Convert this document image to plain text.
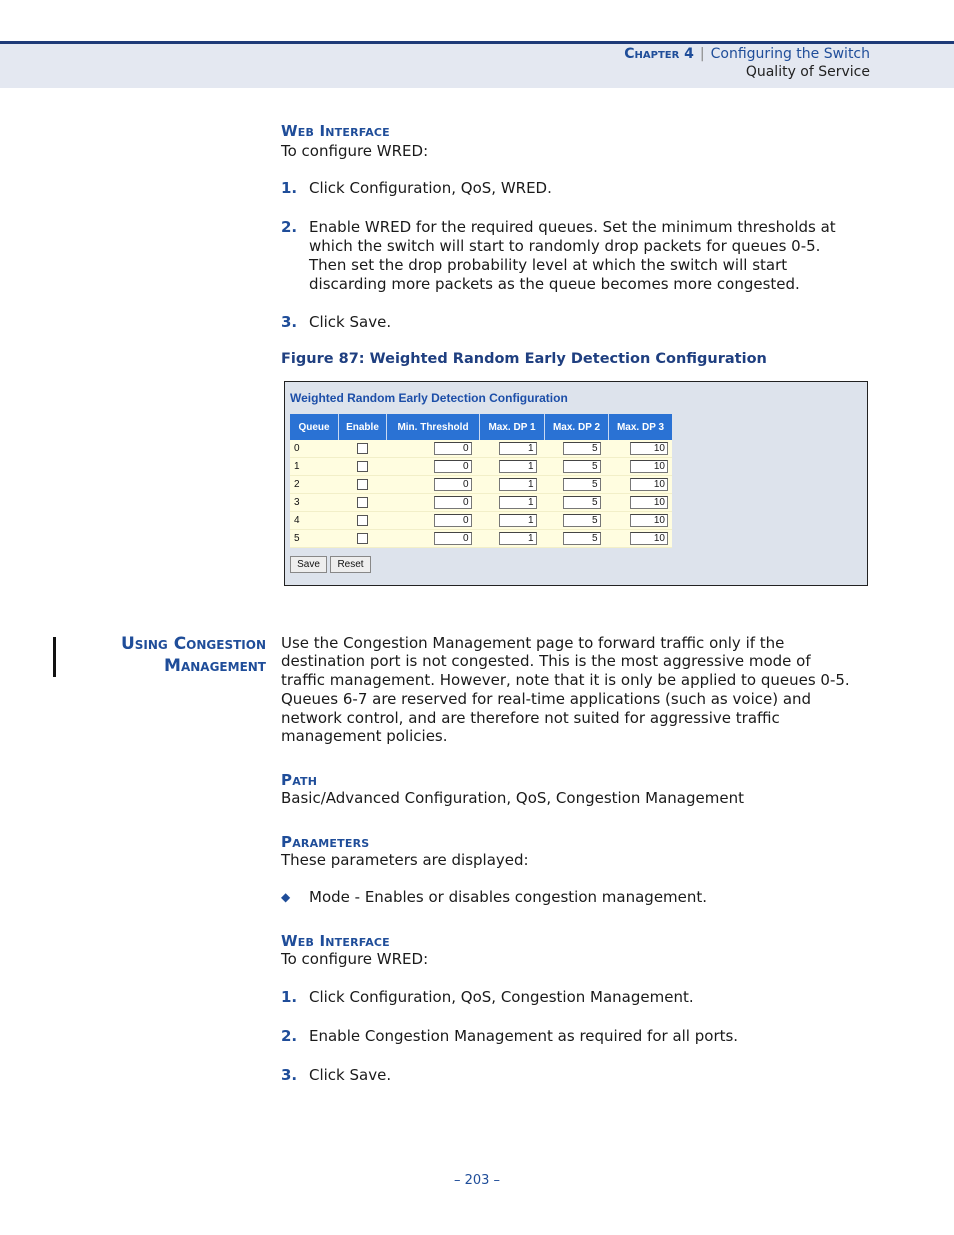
Chapter 4 | Configuring the Switch
Quality of Service
Web Interface
To configure WRED:
1. Click Configuration, QoS, WRED.
2. Enable WRED for the required queues. Set the minimum thresholds at
which the switch will start to randomly drop packets for queues 0-5.
Then set the drop probability level at which the switch will start
discarding more packets as the queue becomes more congested.
3. Click Save.
Figure 87: Weighted Random Early Detection Configuration
Weighted Random Early Detection Configuration
Queue	Enable	Min. Threshold	Max. DP 1	Max. DP 2	Max. DP 3
0		0	1	5	10
1		0	1	5	10
2		0	1	5	10
3		0	1	5	10
4		0	1	5	10
5		0	1	5	10
Save	Reset
Using Congestion
Management
Use the Congestion Management page to forward traffic only if the
destination port is not congested. This is the most aggressive mode of
traffic management. However, note that it is only be applied to queues 0-5.
Queues 6-7 are reserved for real-time applications (such as voice) and
network control, and are therefore not suited for aggressive traffic
management policies.
Path
Basic/Advanced Configuration, QoS, Congestion Management
Parameters
These parameters are displayed:
◆ Mode - Enables or disables congestion management.
Web Interface
To configure WRED:
1. Click Configuration, QoS, Congestion Management.
2. Enable Congestion Management as required for all ports.
3. Click Save.
– 203 –
